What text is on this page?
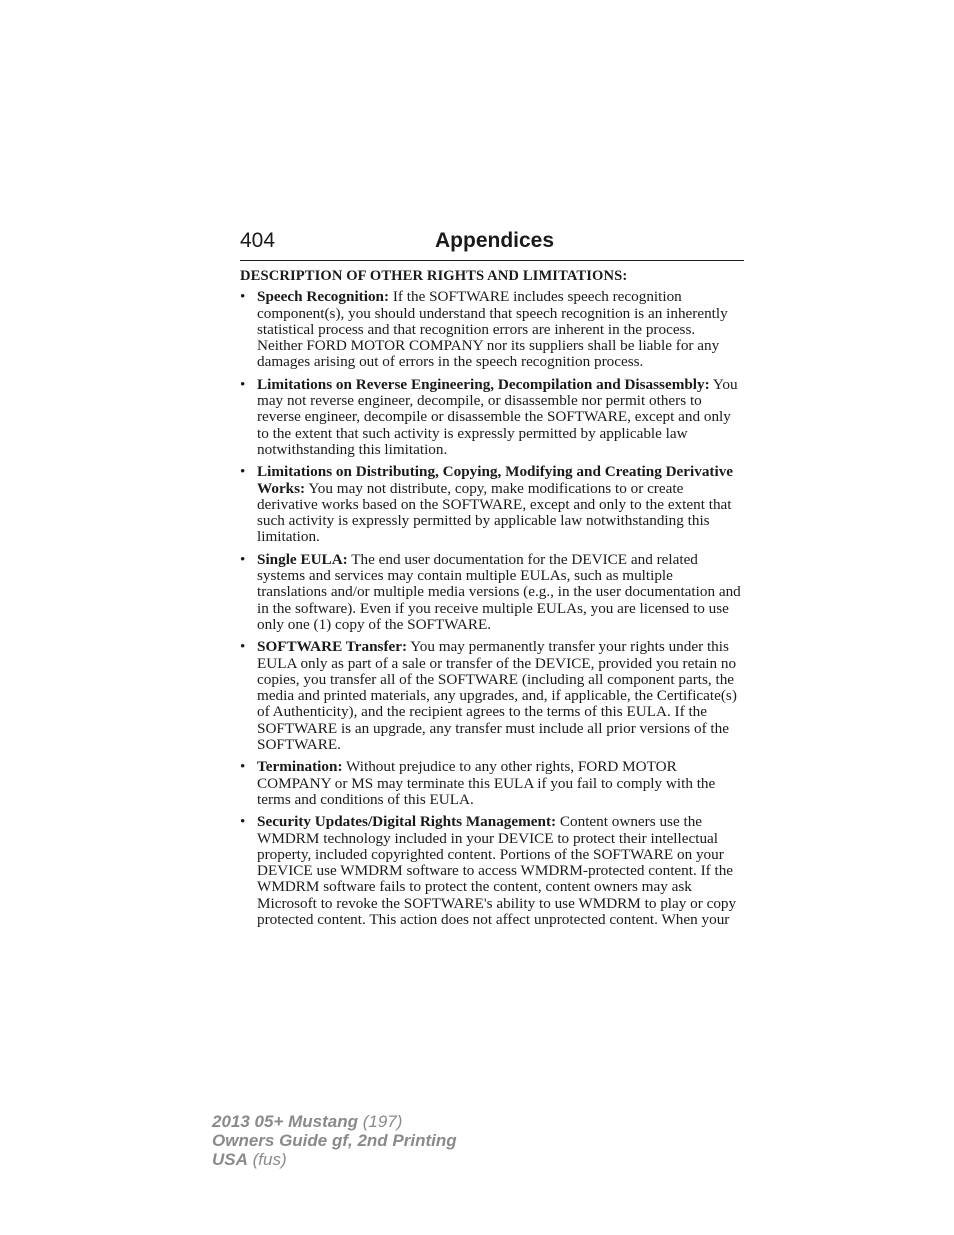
404	Appendices
DESCRIPTION OF OTHER RIGHTS AND LIMITATIONS:
• Speech Recognition: If the SOFTWARE includes speech recognition component(s), you should understand that speech recognition is an inherently statistical process and that recognition errors are inherent in the process. Neither FORD MOTOR COMPANY nor its suppliers shall be liable for any damages arising out of errors in the speech recognition process.
• Limitations on Reverse Engineering, Decompilation and Disassembly: You may not reverse engineer, decompile, or disassemble nor permit others to reverse engineer, decompile or disassemble the SOFTWARE, except and only to the extent that such activity is expressly permitted by applicable law notwithstanding this limitation.
• Limitations on Distributing, Copying, Modifying and Creating Derivative Works: You may not distribute, copy, make modifications to or create derivative works based on the SOFTWARE, except and only to the extent that such activity is expressly permitted by applicable law notwithstanding this limitation.
• Single EULA: The end user documentation for the DEVICE and related systems and services may contain multiple EULAs, such as multiple translations and/or multiple media versions (e.g., in the user documentation and in the software). Even if you receive multiple EULAs, you are licensed to use only one (1) copy of the SOFTWARE.
• SOFTWARE Transfer: You may permanently transfer your rights under this EULA only as part of a sale or transfer of the DEVICE, provided you retain no copies, you transfer all of the SOFTWARE (including all component parts, the media and printed materials, any upgrades, and, if applicable, the Certificate(s) of Authenticity), and the recipient agrees to the terms of this EULA. If the SOFTWARE is an upgrade, any transfer must include all prior versions of the SOFTWARE.
• Termination: Without prejudice to any other rights, FORD MOTOR COMPANY or MS may terminate this EULA if you fail to comply with the terms and conditions of this EULA.
• Security Updates/Digital Rights Management: Content owners use the WMDRM technology included in your DEVICE to protect their intellectual property, included copyrighted content. Portions of the SOFTWARE on your DEVICE use WMDRM software to access WMDRM-protected content. If the WMDRM software fails to protect the content, content owners may ask Microsoft to revoke the SOFTWARE's ability to use WMDRM to play or copy protected content. This action does not affect unprotected content. When your
2013 05+ Mustang (197)
Owners Guide gf, 2nd Printing
USA (fus)
